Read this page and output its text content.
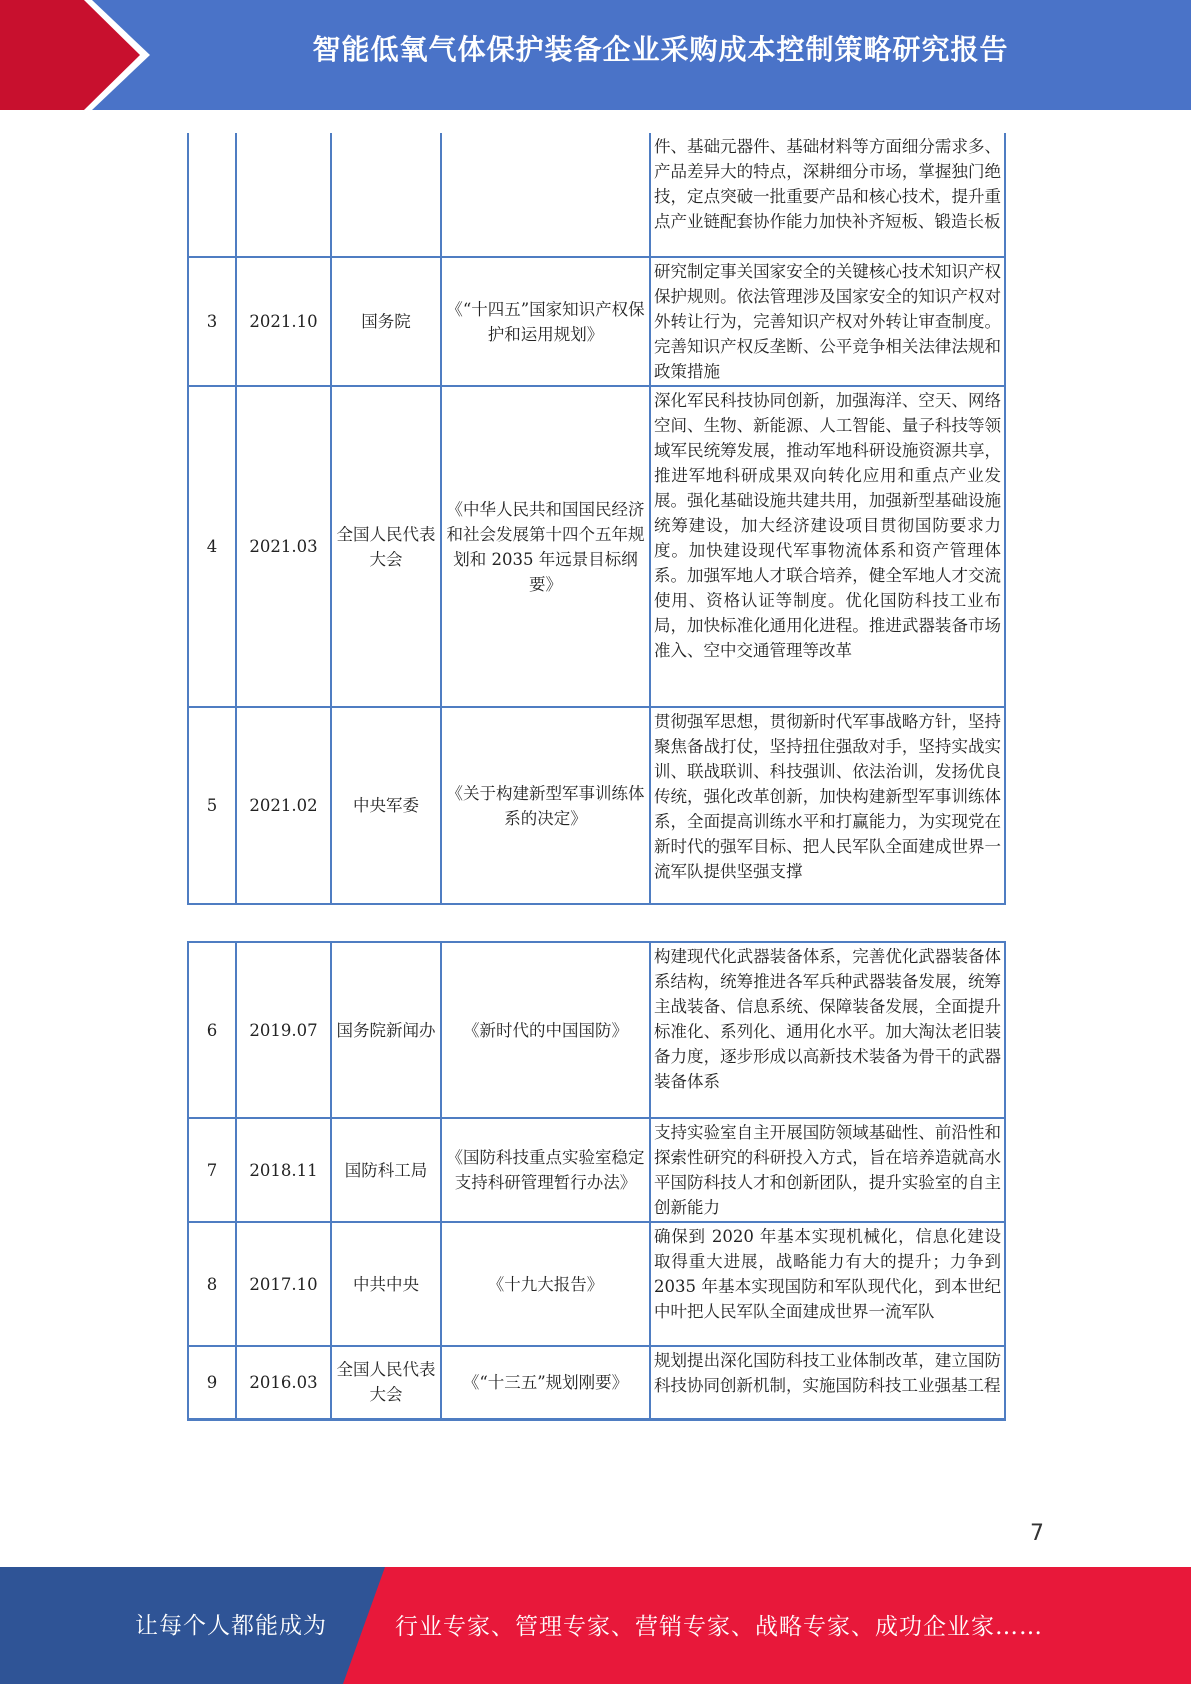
智能低氧气体保护装备企业采购成本控制策略研究报告
				件、基础元器件、基础材料等方面细分需求多、产品差异大的特点，深耕细分市场，掌握独门绝技，定点突破一批重要产品和核心技术，提升重点产业链配套协作能力加快补齐短板、锻造长板
3	2021.10	国务院	《“十四五”国家知识产权保护和运用规划》	研究制定事关国家安全的关键核心技术知识产权保护规则。依法管理涉及国家安全的知识产权对外转让行为，完善知识产权对外转让审查制度。完善知识产权反垄断、公平竞争相关法律法规和政策措施
4	2021.03	全国人民代表大会	《中华人民共和国国民经济和社会发展第十四个五年规划和 2035 年远景目标纲要》	深化军民科技协同创新，加强海洋、空天、网络空间、生物、新能源、人工智能、量子科技等领域军民统筹发展，推动军地科研设施资源共享，推进军地科研成果双向转化应用和重点产业发展。强化基础设施共建共用，加强新型基础设施统筹建设，加大经济建设项目贯彻国防要求力度。加快建设现代军事物流体系和资产管理体系。加强军地人才联合培养，健全军地人才交流使用、资格认证等制度。优化国防科技工业布局，加快标准化通用化进程。推进武器装备市场准入、空中交通管理等改革
5	2021.02	中央军委	《关于构建新型军事训练体系的决定》	贯彻强军思想，贯彻新时代军事战略方针，坚持聚焦备战打仗，坚持扭住强敌对手，坚持实战实训、联战联训、科技强训、依法治训，发扬优良传统，强化改革创新，加快构建新型军事训练体系，全面提高训练水平和打赢能力，为实现党在新时代的强军目标、把人民军队全面建成世界一流军队提供坚强支撑
6	2019.07	国务院新闻办	《新时代的中国国防》	构建现代化武器装备体系，完善优化武器装备体系结构，统筹推进各军兵种武器装备发展，统筹主战装备、信息系统、保障装备发展，全面提升标准化、系列化、通用化水平。加大淘汰老旧装备力度，逐步形成以高新技术装备为骨干的武器装备体系
7	2018.11	国防科工局	《国防科技重点实验室稳定支持科研管理暂行办法》	支持实验室自主开展国防领域基础性、前沿性和探索性研究的科研投入方式，旨在培养造就高水平国防科技人才和创新团队，提升实验室的自主创新能力
8	2017.10	中共中央	《十九大报告》	确保到 2020 年基本实现机械化，信息化建设取得重大进展，战略能力有大的提升；力争到 2035 年基本实现国防和军队现代化，到本世纪中叶把人民军队全面建成世界一流军队
9	2016.03	全国人民代表大会	《“十三五”规划刚要》	规划提出深化国防科技工业体制改革，建立国防科技协同创新机制，实施国防科技工业强基工程
7
让每个人都能成为	行业专家、管理专家、营销专家、战略专家、成功企业家……
